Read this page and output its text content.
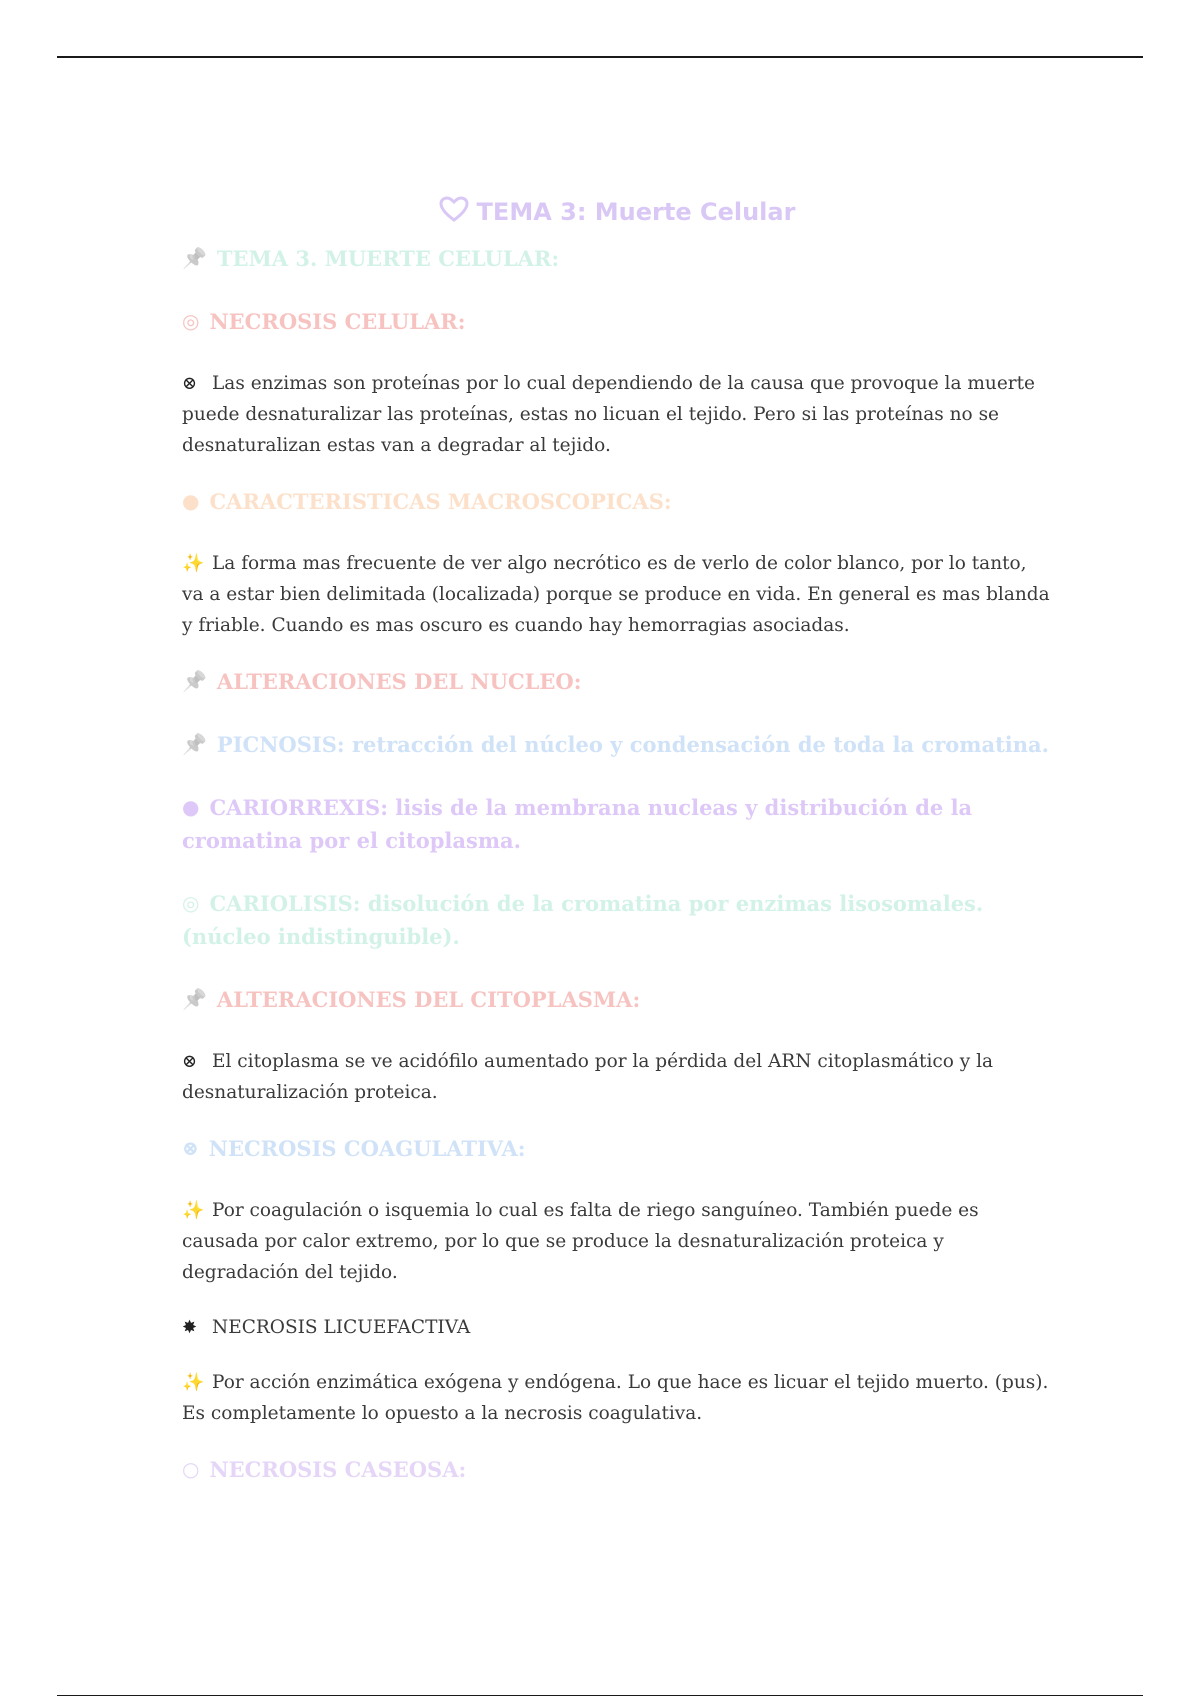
TEMA 3: Muerte Celular
📌 TEMA 3. MUERTE CELULAR:
◎ NECROSIS CELULAR:
⊗ Las enzimas son proteínas por lo cual dependiendo de la causa que provoque la muerte puede desnaturalizar las proteínas, estas no licuan el tejido. Pero si las proteínas no se desnaturalizan estas van a degradar al tejido.
● CARACTERISTICAS MACROSCOPICAS:
✨ La forma mas frecuente de ver algo necrótico es de verlo de color blanco, por lo tanto, va a estar bien delimitada (localizada) porque se produce en vida. En general es mas blanda y friable. Cuando es mas oscuro es cuando hay hemorragias asociadas.
📌 ALTERACIONES DEL NUCLEO:
📌 PICNOSIS: retracción del núcleo y condensación de toda la cromatina.
● CARIORREXIS: lisis de la membrana nucleas y distribución de la cromatina por el citoplasma.
◎ CARIOLISIS: disolución de la cromatina por enzimas lisosomales. (núcleo indistinguible).
📌 ALTERACIONES DEL CITOPLASMA:
⊗ El citoplasma se ve acidófilo aumentado por la pérdida del ARN citoplasmático y la desnaturalización proteica.
⊗ NECROSIS COAGULATIVA:
✨ Por coagulación o isquemia lo cual es falta de riego sanguíneo. También puede es causada por calor extremo, por lo que se produce la desnaturalización proteica y degradación del tejido.
✸ NECROSIS LICUEFACTIVA
✨ Por acción enzimática exógena y endógena. Lo que hace es licuar el tejido muerto. (pus). Es completamente lo opuesto a la necrosis coagulativa.
○ NECROSIS CASEOSA:
